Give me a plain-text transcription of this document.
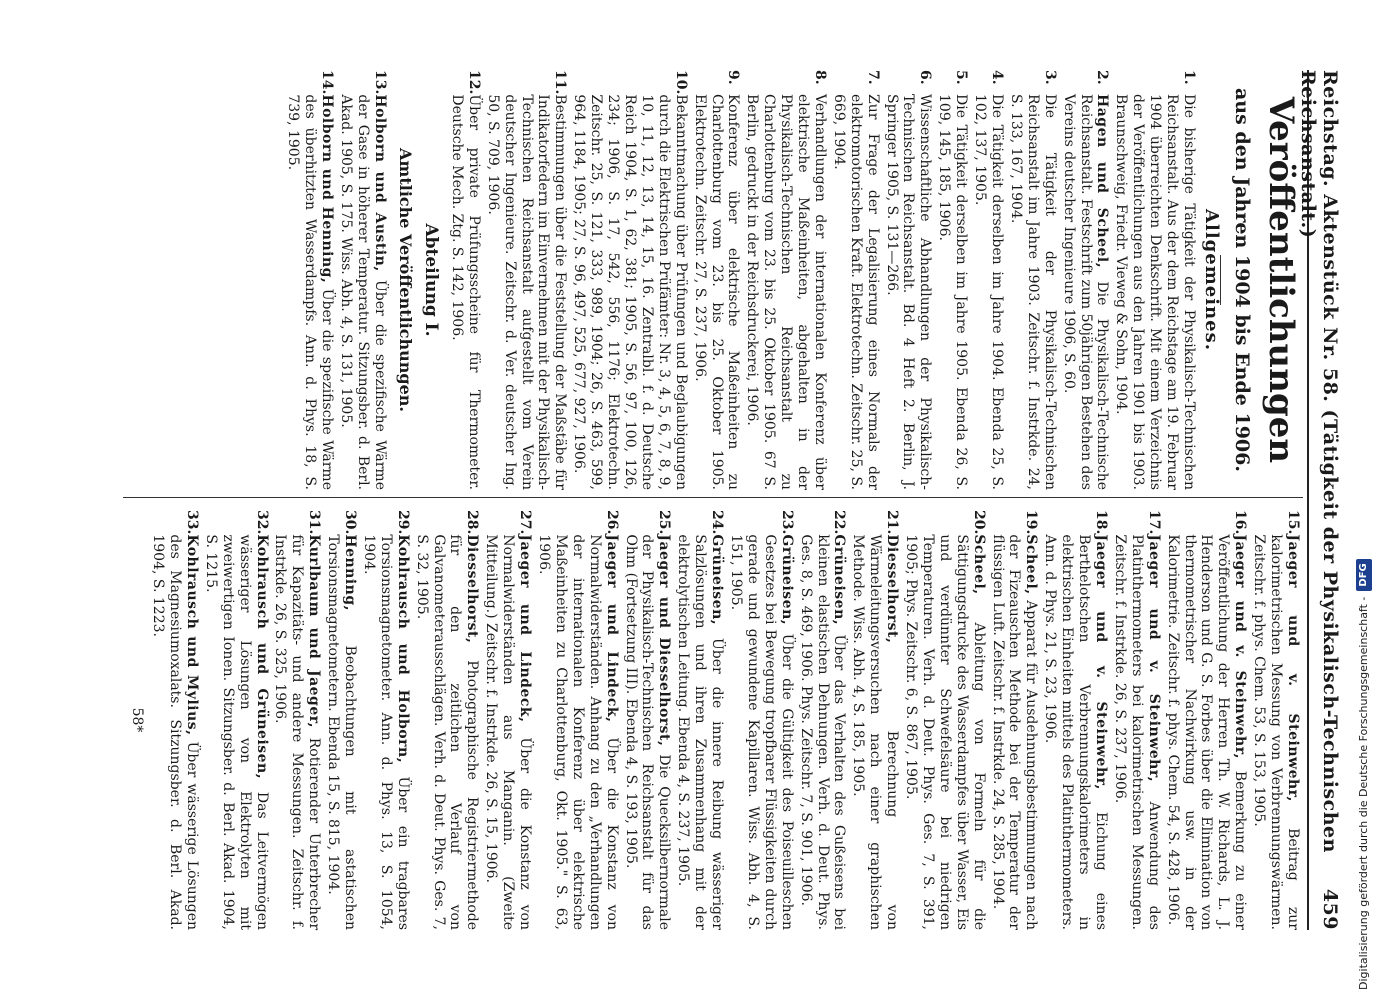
Reichstag. Aktenstück Nr. 58. (Tätigkeit der Physikalisch-Technischen Reichsanstalt.)
459
Veröffentlichungen
aus den Jahren 1904 bis Ende 1906.
Allgemeines.
1.
Die bisherige Tätigkeit der Physikalisch-Technischen Reichsanstalt. Aus der dem Reichstage am 19. Februar 1904 überreichten Denkschrift. Mit einem Verzeichnis der Veröffentlichungen aus den Jahren 1901 bis 1903. Braunschweig, Friedr. Vieweg & Sohn, 1904.
2.
Hagen und Scheel, Die Physikalisch-Technische Reichsanstalt. Festschrift zum 50jährigen Bestehen des Vereins deutscher Ingenieure 1906, S. 60.
3.
Die Tätigkeit der Physikalisch-Technischen Reichsanstalt im Jahre 1903. Zeitschr. f. Instrkde. 24, S. 133, 167, 1904.
4.
Die Tätigkeit derselben im Jahre 1904. Ebenda 25, S. 102, 137, 1905.
5.
Die Tätigkeit derselben im Jahre 1905. Ebenda 26, S. 109, 145, 185, 1906.
6.
Wissenschaftliche Abhandlungen der Physikalisch-Technischen Reichsanstalt. Bd. 4 Heft 2. Berlin, J. Springer 1905, S. 131—266.
7.
Zur Frage der Legalisierung eines Normals der elektromotorischen Kraft. Elektrotechn. Zeitschr. 25, S. 669, 1904.
8.
Verhandlungen der internationalen Konferenz über elektrische Maßeinheiten, abgehalten in der Physikalisch-Technischen Reichsanstalt zu Charlottenburg vom 23. bis 25. Oktober 1905. 67 S. Berlin, gedruckt in der Reichsdruckerei, 1906.
9.
Konferenz über elektrische Maßeinheiten zu Charlottenburg vom 23. bis 25. Oktober 1905. Elektrotechn. Zeitschr. 27, S. 237, 1906.
10.
Bekanntmachung über Prüfungen und Beglaubigungen durch die Elektrischen Prüfämter: Nr. 3, 4, 5, 6, 7, 8, 9, 10, 11, 12, 13, 14, 15, 16. Zentralbl. f. d. Deutsche Reich 1904, S. 1, 62, 381; 1905, S. 56, 97, 100, 126, 234; 1906, S. 17, 542, 556, 1176; Elektrotechn. Zeitschr. 25, S. 121, 333, 989, 1904; 26, S. 463, 599, 964, 1184, 1905; 27, S. 96, 497, 525, 677, 927, 1906.
11.
Bestimmungen über die Feststellung der Maßstäbe für Indikatorfedern im Einvernehmen mit der Physikalisch-Technischen Reichsanstalt aufgestellt vom Verein deutscher Ingenieure. Zeitschr. d. Ver. deutscher Ing. 50, S. 709, 1906.
12.
Über private Prüfungsscheine für Thermometer. Deutsche Mech. Ztg. S. 142, 1906.
Abteilung I.
Amtliche Veröffentlichungen.
13.
Holborn und Austin, Über die spezifische Wärme der Gase in höherer Temperatur. Sitzungsber. d. Berl. Akad. 1905, S. 175. Wiss. Abh. 4, S. 131, 1905.
14.
Holborn und Henning, Über die spezifische Wärme des überhitzten Wasserdampfs. Ann. d. Phys. 18, S. 739, 1905.
15.
Jaeger und v. Steinwehr, Beitrag zur kalorimetrischen Messung von Verbrennungswärmen. Zeitschr. f. phys. Chem. 53, S. 153, 1905.
16.
Jaeger und v. Steinwehr, Bemerkung zu einer Veröffentlichung der Herren Th. W. Richards, L. J. Henderson und G. S. Forbes über die Elimination von thermometrischer Nachwirkung usw. in der Kalorimetrie. Zeitschr. f. phys. Chem. 54, S. 428, 1906.
17.
Jaeger und v. Steinwehr, Anwendung des Platinthermometers bei kalorimetrischen Messungen. Zeitschr. f. Instrkde. 26, S. 237, 1906.
18.
Jaeger und v. Steinwehr, Eichung eines Berthelotschen Verbrennungskalorimeters in elektrischen Einheiten mittels des Platinthermometers. Ann. d. Phys. 21, S. 23, 1906.
19.
Scheel, Apparat für Ausdehnungsbestimmungen nach der Fizeauschen Methode bei der Temperatur der flüssigen Luft. Zeitschr. f. Instrkde. 24, S. 285, 1904.
20.
Scheel, Ableitung von Formeln für die Sättigungsdrucke des Wasserdampfes über Wasser, Eis und verdünnter Schwefelsäure bei niedrigen Temperaturen. Verh. d. Deut. Phys. Ges. 7, S. 391, 1905; Phys. Zeitschr. 6, S. 867, 1905.
21.
Diesselhorst, Berechnung von Wärmeleitungsversuchen nach einer graphischen Methode. Wiss. Abh. 4, S. 185, 1905.
22.
Grüneisen, Über das Verhalten des Gußeisens bei kleinen elastischen Dehnungen. Verh. d. Deut. Phys. Ges. 8, S. 469, 1906. Phys. Zeitschr. 7, S. 901, 1906.
23.
Grüneisen, Über die Gültigkeit des Poiseuilleschen Gesetzes bei Bewegung tropfbarer Flüssigkeiten durch gerade und gewundene Kapillaren. Wiss. Abh. 4, S. 151, 1905.
24.
Grüneisen, Über die innere Reibung wässeriger Salzlösungen und ihren Zusammenhang mit der elektrolytischen Leitung. Ebenda 4, S. 237, 1905.
25.
Jaeger und Diesselhorst, Die Quecksilbernormale der Physikalisch-Technischen Reichsanstalt für das Ohm (Fortsetzung III). Ebenda 4, S. 193, 1905.
26.
Jaeger und Lindeck, Über die Konstanz von Normalwiderständen. Anhang zu den „Verhandlungen der internationalen Konferenz über elektrische Maßeinheiten zu Charlottenburg, Okt. 1905." S. 63, 1906.
27.
Jaeger und Lindeck, Über die Konstanz von Normalwiderständen aus Manganin. (Zweite Mitteilung.) Zeitschr. f. Instrkde. 26, S. 15, 1906.
28.
Diesselhorst, Photographische Registriermethode für den zeitlichen Verlauf von Galvanometerausschlägen. Verh. d. Deut. Phys. Ges. 7, S. 32, 1905.
29.
Kohlrausch und Holborn, Über ein tragbares Torsionsmagnetometer. Ann. d. Phys. 13, S. 1054, 1904.
30.
Henning, Beobachtungen mit astatischen Torsionsmagnetometern. Ebenda 15, S. 815, 1904.
31.
Kurlbaum und Jaeger, Rotierender Unterbrecher für Kapazitäts- und andere Messungen. Zeitschr. f. Instrkde. 26, S. 325, 1906.
32.
Kohlrausch und Grüneisen, Das Leitvermögen wässeriger Lösungen von Elektrolyten mit zweiwertigen Ionen. Sitzungsber. d. Berl. Akad. 1904, S. 1215.
33.
Kohlrausch und Mylius, Über wässerige Lösungen des Magnesiumoxalats. Sitzungsber. d. Berl. Akad. 1904, S. 1223.
58*	Digitalisierung gefördert durch die Deutsche Forschungsgemeinschaft -
DFG
